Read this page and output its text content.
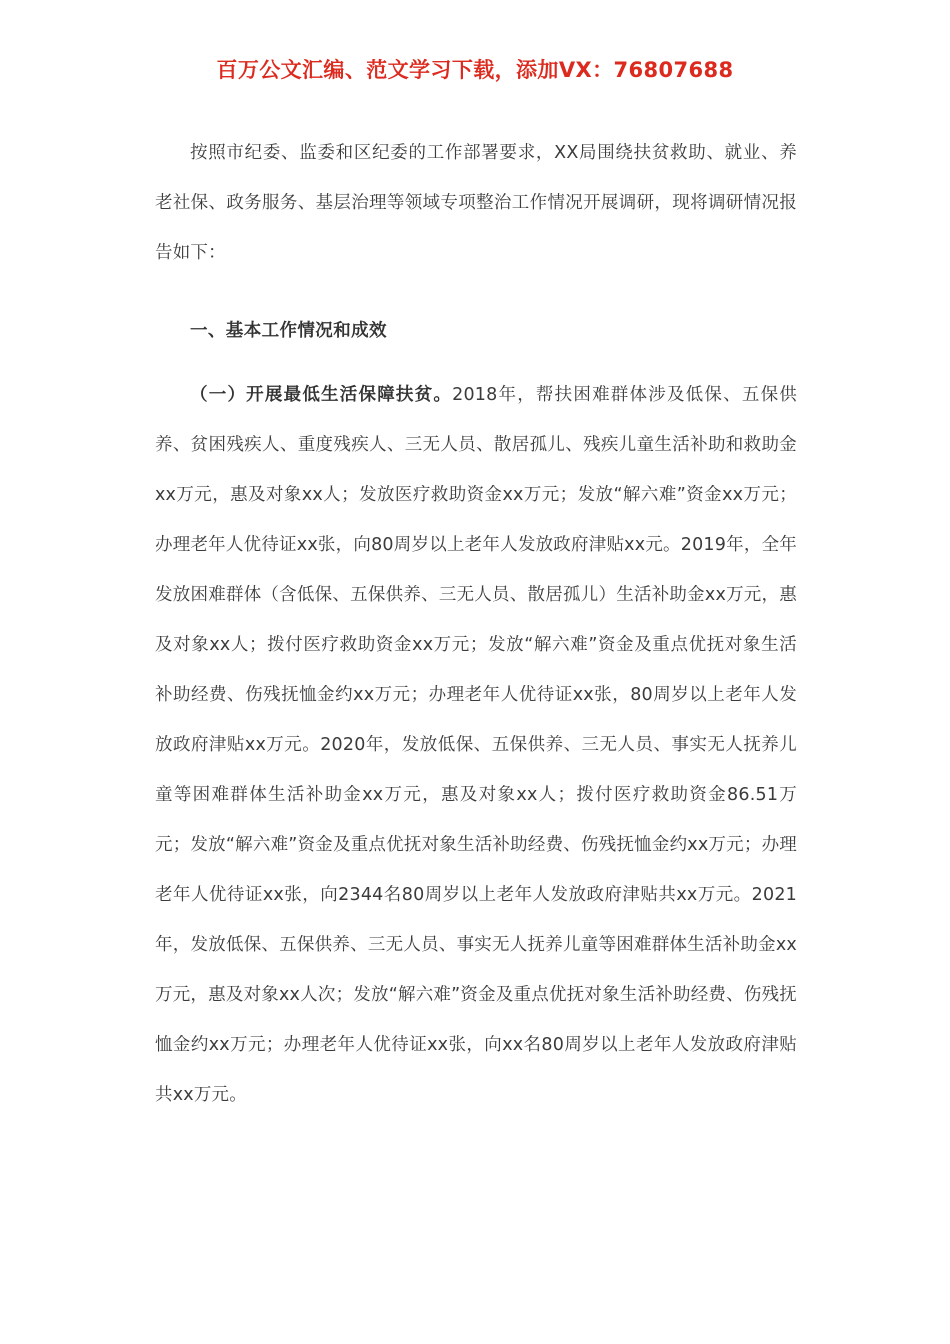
百万公文汇编、范文学习下载，添加VX：76807688

按照市纪委、监委和区纪委的工作部署要求，XX局围绕扶贫救助、就业、养老社保、政务服务、基层治理等领域专项整治工作情况开展调研，现将调研情况报告如下：

一、基本工作情况和成效

（一）开展最低生活保障扶贫。2018年，帮扶困难群体涉及低保、五保供养、贫困残疾人、重度残疾人、三无人员、散居孤儿、残疾儿童生活补助和救助金xx万元，惠及对象xx人；发放医疗救助资金xx万元；发放“解六难”资金xx万元；办理老年人优待证xx张，向80周岁以上老年人发放政府津贴xx元。2019年，全年发放困难群体（含低保、五保供养、三无人员、散居孤儿）生活补助金xx万元，惠及对象xx人；拨付医疗救助资金xx万元；发放“解六难”资金及重点优抚对象生活补助经费、伤残抚恤金约xx万元；办理老年人优待证xx张，80周岁以上老年人发放政府津贴xx万元。2020年，发放低保、五保供养、三无人员、事实无人抚养儿童等困难群体生活补助金xx万元，惠及对象xx人；拨付医疗救助资金86.51万元；发放“解六难”资金及重点优抚对象生活补助经费、伤残抚恤金约xx万元；办理老年人优待证xx张，向2344名80周岁以上老年人发放政府津贴共xx万元。2021年，发放低保、五保供养、三无人员、事实无人抚养儿童等困难群体生活补助金xx万元，惠及对象xx人次；发放“解六难”资金及重点优抚对象生活补助经费、伤残抚恤金约xx万元；办理老年人优待证xx张，向xx名80周岁以上老年人发放政府津贴共xx万元。
